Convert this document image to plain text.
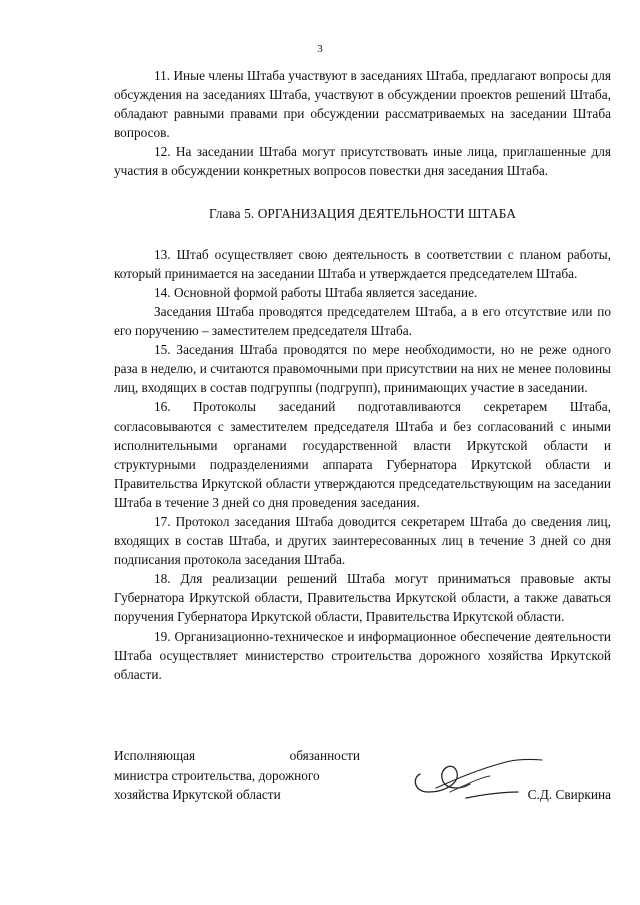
3

11. Иные члены Штаба участвуют в заседаниях Штаба, предлагают вопросы для обсуждения на заседаниях Штаба, участвуют в обсуждении проектов решений Штаба, обладают равными правами при обсуждении рассматриваемых на заседании Штаба вопросов.

12. На заседании Штаба могут присутствовать иные лица, приглашенные для участия в обсуждении конкретных вопросов повестки дня заседания Штаба.

Глава 5. ОРГАНИЗАЦИЯ ДЕЯТЕЛЬНОСТИ ШТАБА

13. Штаб осуществляет свою деятельность в соответствии с планом работы, который принимается на заседании Штаба и утверждается председателем Штаба.

14. Основной формой работы Штаба является заседание.

Заседания Штаба проводятся председателем Штаба, а в его отсутствие или по его поручению – заместителем председателя Штаба.

15. Заседания Штаба проводятся по мере необходимости, но не реже одного раза в неделю, и считаются правомочными при присутствии на них не менее половины лиц, входящих в состав подгруппы (подгрупп), принимающих участие в заседании.

16. Протоколы заседаний подготавливаются секретарем Штаба, согласовываются с заместителем председателя Штаба и без согласований с иными исполнительными органами государственной власти Иркутской области и структурными подразделениями аппарата Губернатора Иркутской области и Правительства Иркутской области утверждаются председательствующим на заседании Штаба в течение 3 дней со дня проведения заседания.

17. Протокол заседания Штаба доводится секретарем Штаба до сведения лиц, входящих в состав Штаба, и других заинтересованных лиц в течение 3 дней со дня подписания протокола заседания Штаба.

18. Для реализации решений Штаба могут приниматься правовые акты Губернатора Иркутской области, Правительства Иркутской области, а также даваться поручения Губернатора Иркутской области, Правительства Иркутской области.

19. Организационно-техническое и информационное обеспечение деятельности Штаба осуществляет министерство строительства дорожного хозяйства Иркутской области.

Исполняющая	обязанности
министра строительства, дорожного
хозяйства Иркутской области	С.Д. Свиркина
